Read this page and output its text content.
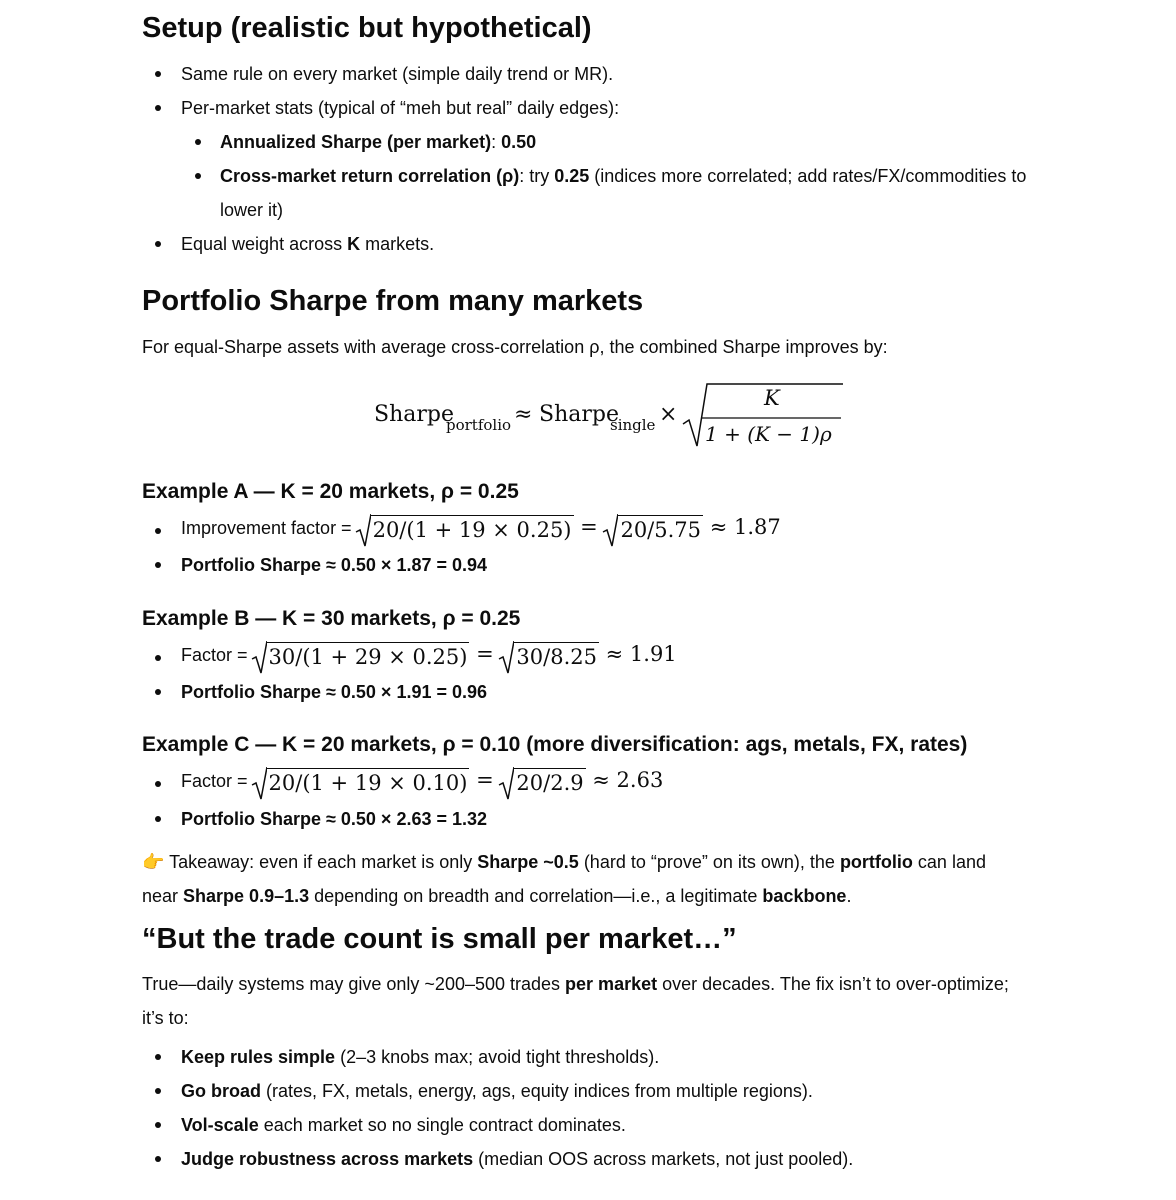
Setup (realistic but hypothetical)
Same rule on every market (simple daily trend or MR).
Per-market stats (typical of “meh but real” daily edges):
Annualized Sharpe (per market): 0.50
Cross-market return correlation (ρ): try 0.25 (indices more correlated; add rates/FX/commodities to
lower it)
Equal weight across K markets.
Portfolio Sharpe from many markets
For equal-Sharpe assets with average cross-correlation ρ, the combined Sharpe improves by:
Sharpe
portfolio ≈ Sharpe
single ×
K
1 + (K − 1)ρ
Example A — K = 20 markets, ρ = 0.25
Improvement factor =
20/(1 + 19 × 0.25) =
20/5.75 ≈ 1.87
Portfolio Sharpe ≈ 0.50 × 1.87 = 0.94
Example B — K = 30 markets, ρ = 0.25
Factor =
30/(1 + 29 × 0.25) =
30/8.25 ≈ 1.91
Portfolio Sharpe ≈ 0.50 × 1.91 = 0.96
Example C — K = 20 markets, ρ = 0.10 (more diversification: ags, metals, FX, rates)
Factor =
20/(1 + 19 × 0.10) =
20/2.9 ≈ 2.63
Portfolio Sharpe ≈ 0.50 × 2.63 = 1.32
👉 Takeaway: even if each market is only Sharpe ~0.5 (hard to “prove” on its own), the portfolio can land
near Sharpe 0.9–1.3 depending on breadth and correlation—i.e., a legitimate backbone.
“But the trade count is small per market…”
True—daily systems may give only ~200–500 trades per market over decades. The fix isn’t to over-optimize;
it’s to:
Keep rules simple (2–3 knobs max; avoid tight thresholds).
Go broad (rates, FX, metals, energy, ags, equity indices from multiple regions).
Vol-scale each market so no single contract dominates.
Judge robustness across markets (median OOS across markets, not just pooled).
